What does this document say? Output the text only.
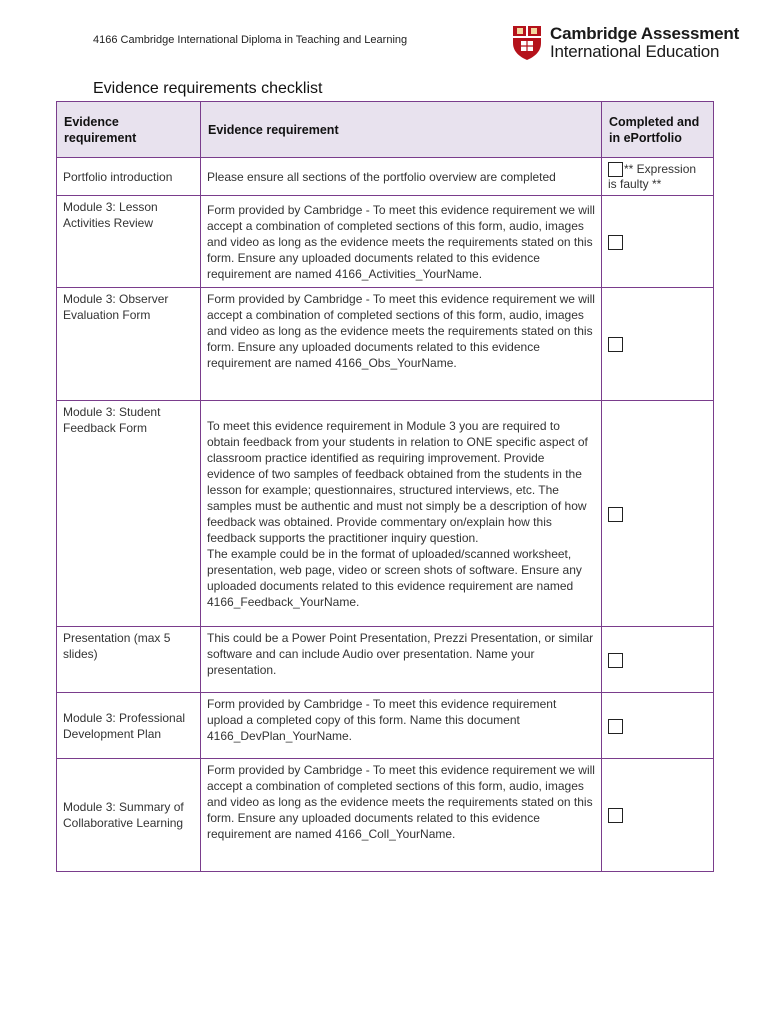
4166 Cambridge International Diploma in Teaching and Learning	Cambridge Assessment
International Education
Evidence requirements checklist
Evidence requirement	Evidence requirement	Completed and in ePortfolio
Portfolio introduction	Please ensure all sections of the portfolio overview are completed	** Expression is faulty **
Module 3: Lesson Activities Review	Form provided by Cambridge - To meet this evidence requirement we will accept a combination of completed sections of this form, audio, images and video as long as the evidence meets the requirements stated on this form. Ensure any uploaded documents related to this evidence requirement are named 4166_Activities_YourName.	
Module 3: Observer Evaluation Form	Form provided by Cambridge - To meet this evidence requirement we will accept a combination of completed sections of this form, audio, images and video as long as the evidence meets the requirements stated on this form. Ensure any uploaded documents related to this evidence requirement are named 4166_Obs_YourName.	
Module 3: Student Feedback Form	To meet this evidence requirement in Module 3 you are required to obtain feedback from your students in relation to ONE specific aspect of classroom practice identified as requiring improvement. Provide evidence of two samples of feedback obtained from the students in the lesson for example; questionnaires, structured interviews, etc. The samples must be authentic and must not simply be a description of how feedback was obtained. Provide commentary on/explain how this feedback supports the practitioner inquiry question.
The example could be in the format of uploaded/scanned worksheet, presentation, web page, video or screen shots of software. Ensure any uploaded documents related to this evidence requirement are named 4166_Feedback_YourName.	
Presentation (max 5 slides)	This could be a Power Point Presentation, Prezzi Presentation, or similar software and can include Audio over presentation. Name your presentation.	
Module 3: Professional Development Plan	Form provided by Cambridge - To meet this evidence requirement upload a completed copy of this form. Name this document 4166_DevPlan_YourName.	
Module 3: Summary of Collaborative Learning	Form provided by Cambridge - To meet this evidence requirement we will accept a combination of completed sections of this form, audio, images and video as long as the evidence meets the requirements stated on this form. Ensure any uploaded documents related to this evidence requirement are named 4166_Coll_YourName.	
